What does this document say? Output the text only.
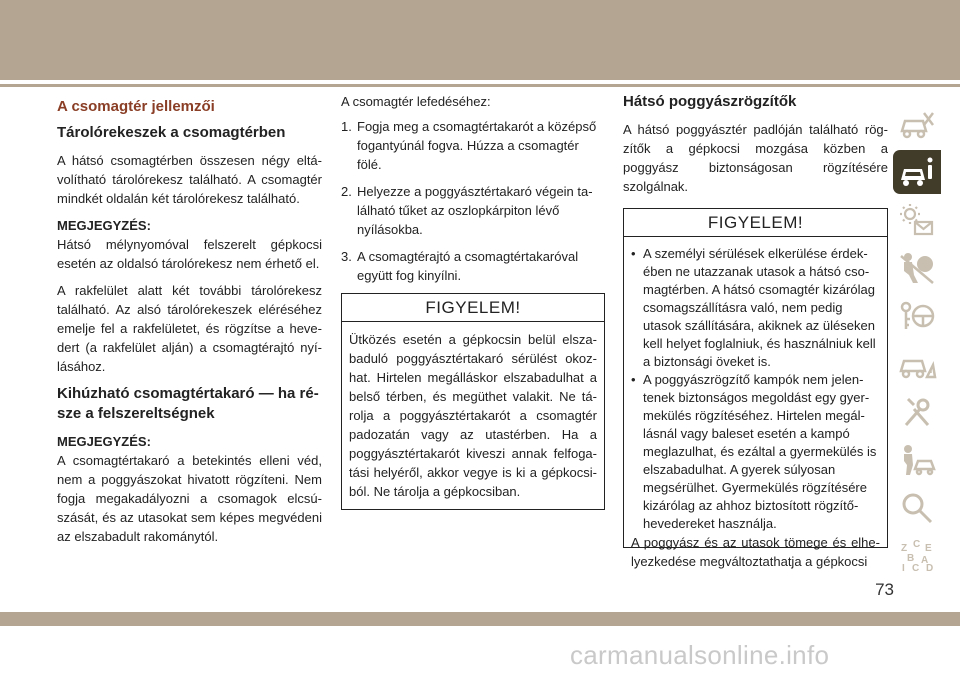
A csomagtér jellemzői
Tárolórekeszek a csomagtérben

A hátsó csomagtérben összesen négy eltávolítható tárolórekesz található. A csomagtér mindkét oldalán két tárolórekesz található.

MEGJEGYZÉS:
Hátsó mélynyomóval felszerelt gépkocsi esetén az oldalsó tárolórekesz nem érhető el.

A rakfelület alatt két további tárolórekesz található. Az alsó tárolórekeszek eléréséhez emelje fel a rakfelületet, és rögzítse a hevedert (a rakfelület alján) a csomagtérajtó nyílásához.

Kihúzható csomagtértakaró — ha része a felszereltségnek

MEGJEGYZÉS:
A csomagtértakaró a betekintés elleni véd, nem a poggyászokat hivatott rögzíteni. Nem fogja megakadályozni a csomagok elcsúszását, és az utasokat sem képes megvédeni az elszabadult rakománytól.

A csomagtér lefedéséhez:

1. Fogja meg a csomagtértakarót a középső fogantyúnál fogva. Húzza a csomagtér fölé.
2. Helyezze a poggyásztértakaró végein található tűket az oszlopkárpiton lévő nyílásokba.
3. A csomagtérajtó a csomagtértakaróval együtt fog kinyílni.
FIGYELEM!

Ütközés esetén a gépkocsin belül elszabaduló poggyásztértakaró sérülést okozhat. Hirtelen megálláskor elszabadulhat a belső térben, és megüthet valakit. Ne tárolja a poggyásztértakarót a csomagtér padozatán vagy az utastérben. Ha a poggyásztértakarót kiveszi annak felfogatási helyéről, akkor vegye is ki a gépkocsiból. Ne tárolja a gépkocsiban.

Hátsó poggyászrögzítők

A hátsó poggyásztér padlóján található rögzítők a gépkocsi mozgása közben a poggyász biztonságosan rögzítésére szolgálnak.

FIGYELEM!
• A személyi sérülések elkerülése érdekében ne utazzanak utasok a hátsó csomagtérben. A hátsó csomagtér kizárólag csomagszállításra való, nem pedig utasok szállítására, akiknek az üléseken kell helyet foglalniuk, és használniuk kell a biztonsági öveket is.
• A poggyászrögzítő kampók nem jelentenek biztonságos megoldást egy gyermekülés rögzítéséhez. Hirtelen megállásnál vagy baleset esetén a kampó meglazulhat, és ezáltal a gyermekülés is elszabadulhat. A gyerek súlyosan megsérülhet. Gyermekülés rögzítésére kizárólag az ahhoz biztosított rögzítőhevedereket használja.

A poggyász és az utasok tömege és elhelyezkedése megváltoztathatja a gépkocsi

Z C E
B A
I C D
73
carmanualsonline.info
